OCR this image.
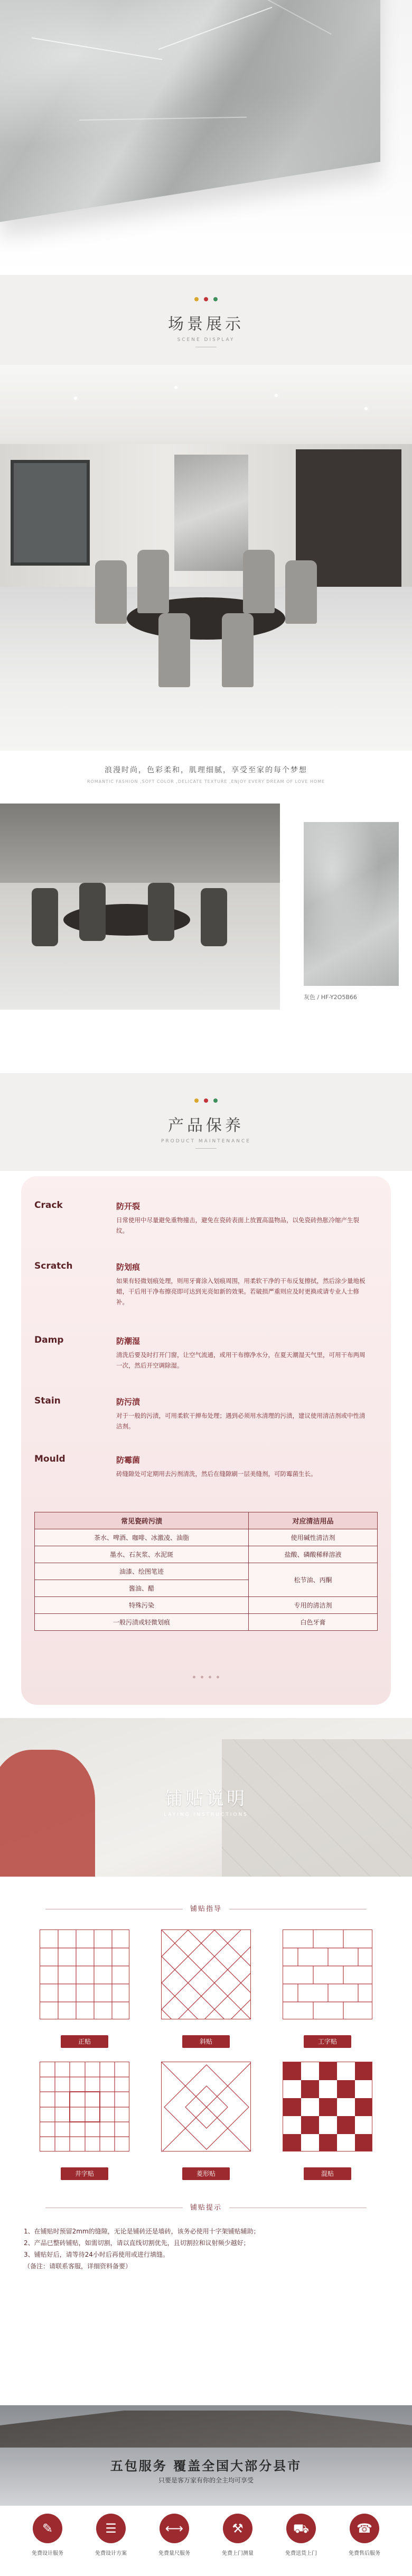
场景展示
SCENE DISPLAY
浪漫时尚，色彩柔和，肌理细腻，享受至家的每个梦想
ROMANTIC FASHION ,SOFT COLOR ,DELICATE TEXTURE ,ENJOY EVERY DREAM OF LOVE HOME
灰色 / HF-Y2O5B66
产品保养
PRODUCT MAINTENANCE
Crack	防开裂

日常使用中尽量避免重物撞击，避免在瓷砖表面上放置高温物品，以免瓷砖热胀冷缩产生裂纹。

Scratch	防划痕

如果有轻微划痕处理，则用牙膏涂入划痕周围，用柔软干净的干布反复擦拭，然后涂少量地板蜡，干后用干净布擦亮即可达到光亮如新的效果。若破损严重则应及时更换或请专业人士修补。

Damp	防潮湿

清洗后要及时打开门窗，让空气流通，或用干布擦净水分，在夏天潮湿天气里，可用干布两周一次，然后开空调除湿。

Stain	防污渍

对于一般的污渍，可用柔软干掸布处理；遇到必须用水清理的污渍，建议使用清洁剂或中性清洁剂。

Mould	防霉菌

砖缝隙处可定期用去污剂清洗，然后在缝隙刷一层美缝剂，可防霉菌生长。

常见瓷砖污渍	对应清洁用品
茶水、啤酒、咖啡、冰激凌、油脂	使用碱性清洁剂
墨水、石灰浆、水泥斑	盐酸、磷酸稀释溶液
油漆、绘图笔迹	松节油、丙酮
酱油、醋	
特殊污染	专用的清洁剂
一般污渍或轻微划痕	白色牙膏
铺贴说明
LAYING INSTRUCTIONS
铺贴指导
正贴	斜贴	工字贴
井字贴	菱形贴	混贴
铺贴提示

1、在铺贴时预留2mm的缝隙，无论是铺砖还是墙砖，该务必使用十字架铺贴辅助；

2、产品已整砖铺贴，如需切割，请以直线切割优先，且切割拉和议射频少越好；

3、铺贴好后，请等待24小时后再使用或进行填缝。

（备注：请联系客服，详细资料备要）

五包服务 覆盖全国大部分县市
只要是客万家有你的全主均可享受
✎
免费设计服务
☰
免费设计方案
⟷
免费量尺服务
⚒
免费上门测量
⛟
免费送货上门
☎
免费售后服务
